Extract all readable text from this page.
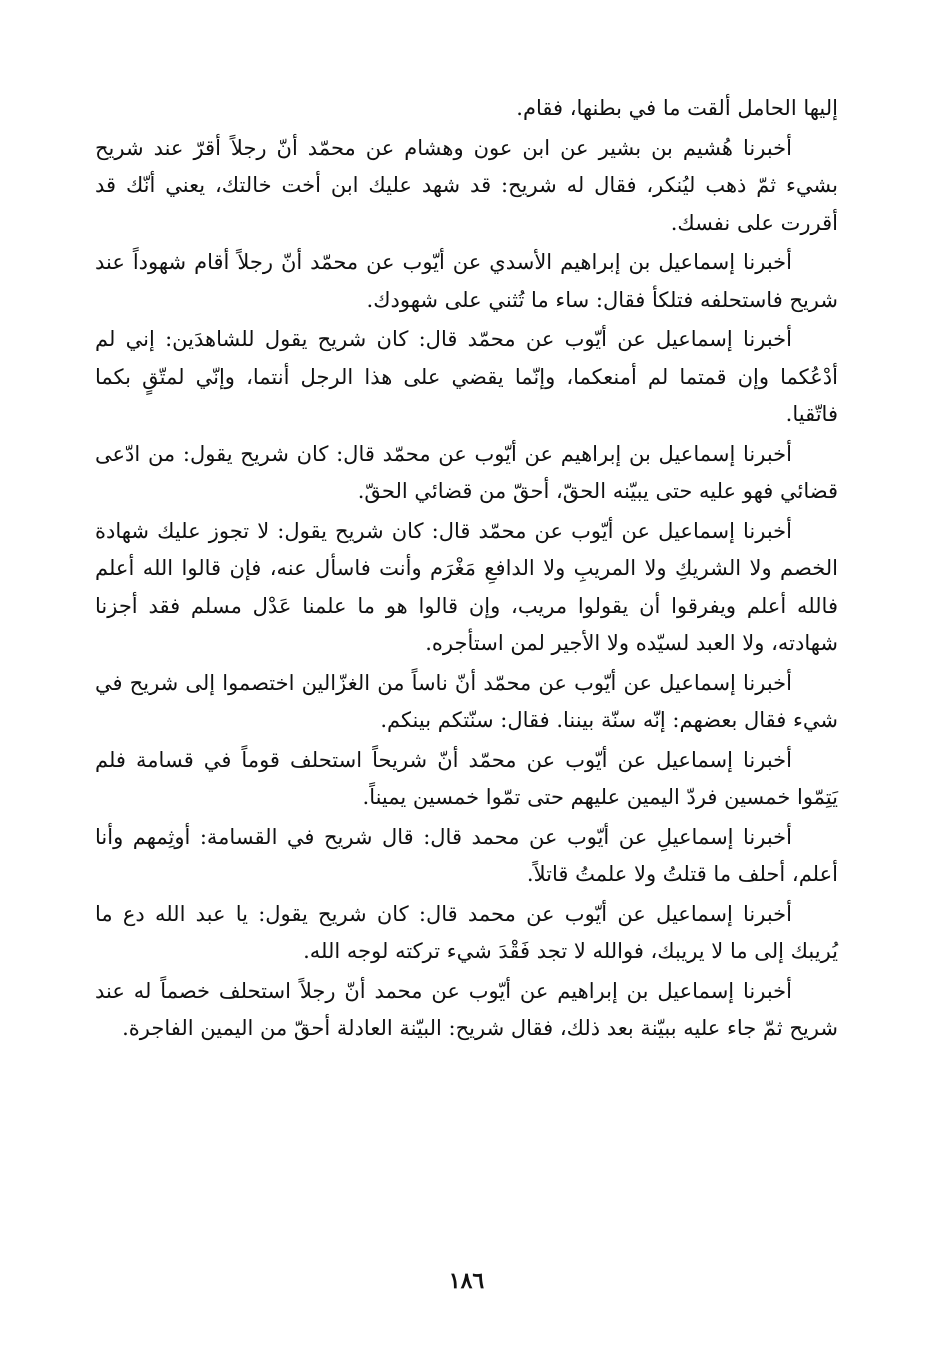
إليها الحامل ألقت ما في بطنها، فقام.

أخبرنا هُشيم بن بشير عن ابن عون وهشام عن محمّد أنّ رجلاً أقرّ عند شريح بشيء ثمّ ذهب ليُنكر، فقال له شريح: قد شهد عليك ابن أخت خالتك، يعني أنّك قد أقررت على نفسك.

أخبرنا إسماعيل بن إبراهيم الأسدي عن أيّوب عن محمّد أنّ رجلاً أقام شهوداً عند شريح فاستحلفه فتلكأ فقال: ساء ما تُثني على شهودك.

أخبرنا إسماعيل عن أيّوب عن محمّد قال: كان شريح يقول للشاهدَين: إني لم أدْعُكما وإن قمتما لم أمنعكما، وإنّما يقضي على هذا الرجل أنتما، وإنّي لمتّقٍ بكما فاتّقيا.

أخبرنا إسماعيل بن إبراهيم عن أيّوب عن محمّد قال: كان شريح يقول: من ادّعى قضائي فهو عليه حتى يبيّنه الحقّ، أحقّ من قضائي الحقّ.

أخبرنا إسماعيل عن أيّوب عن محمّد قال: كان شريح يقول: لا تجوز عليك شهادة الخصم ولا الشريكِ ولا المريبِ ولا الدافعِ مَغْرَم وأنت فاسأل عنه، فإن قالوا الله أعلم فالله أعلم ويفرقوا أن يقولوا مريب، وإن قالوا هو ما علمنا عَدْل مسلم فقد أجزنا شهادته، ولا العبد لسيّده ولا الأجير لمن استأجره.

أخبرنا إسماعيل عن أيّوب عن محمّد أنّ ناساً من الغزّالين اختصموا إلى شريح في شيء فقال بعضهم: إنّه سنّة بيننا. فقال: سنّتكم بينكم.

أخبرنا إسماعيل عن أيّوب عن محمّد أنّ شريحاً استحلف قوماً في قسامة فلم يَتِمّوا خمسين فردّ اليمين عليهم حتى تمّوا خمسين يميناً.

أخبرنا إسماعيلِ عن أيّوب عن محمد قال: قال شريح في القسامة: أوثِمهم وأنا أعلم، أحلف ما قتلتُ ولا علمتُ قاتلاً.

أخبرنا إسماعيل عن أيّوب عن محمد قال: كان شريح يقول: يا عبد الله دع ما يُريبك إلى ما لا يريبك، فوالله لا تجد فَقْدَ شيء تركته لوجه الله.

أخبرنا إسماعيل بن إبراهيم عن أيّوب عن محمد أنّ رجلاً استحلف خصماً له عند شريح ثمّ جاء عليه ببيّنة بعد ذلك، فقال شريح: البيّنة العادلة أحقّ من اليمين الفاجرة.

١٨٦
